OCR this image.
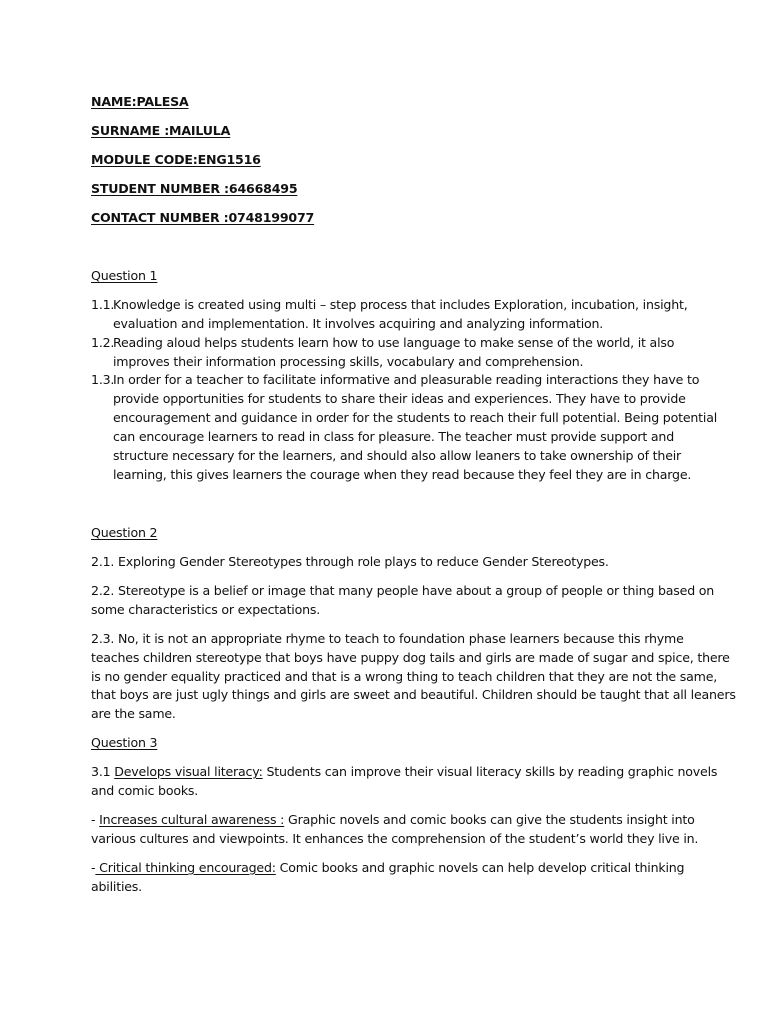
NAME:PALESA
SURNAME :MAILULA
MODULE CODE:ENG1516
STUDENT NUMBER :64668495
CONTACT NUMBER :0748199077
Question 1
1.1.
Knowledge is created using multi – step process that includes Exploration, incubation, insight,
evaluation and implementation. It involves acquiring and analyzing information.
1.2.
Reading aloud helps students learn how to use language to make sense of the world, it also
improves their information processing skills, vocabulary and comprehension.
1.3.
In order for a teacher to facilitate informative and pleasurable reading interactions they have to
provide opportunities for students to share their ideas and experiences. They have to provide
encouragement and guidance in order for the students to reach their full potential. Being potential
can encourage learners to read in class for pleasure. The teacher must provide support and
structure necessary for the learners, and should also allow leaners to take ownership of their
learning, this gives learners the courage when they read because they feel they are in charge.
Question 2
2.1. Exploring Gender Stereotypes through role plays to reduce Gender Stereotypes.
2.2. Stereotype is a belief or image that many people have about a group of people or thing based on
some characteristics or expectations.
2.3. No, it is not an appropriate rhyme to teach to foundation phase learners because this rhyme
teaches children stereotype that boys have puppy dog tails and girls are made of sugar and spice, there
is no gender equality practiced and that is a wrong thing to teach children that they are not the same,
that boys are just ugly things and girls are sweet and beautiful. Children should be taught that all leaners
are the same.
Question 3
3.1 Develops visual literacy: Students can improve their visual literacy skills by reading graphic novels
and comic books.
- Increases cultural awareness : Graphic novels and comic books can give the students insight into
various cultures and viewpoints. It enhances the comprehension of the student’s world they live in.
- Critical thinking encouraged: Comic books and graphic novels can help develop critical thinking
abilities.
